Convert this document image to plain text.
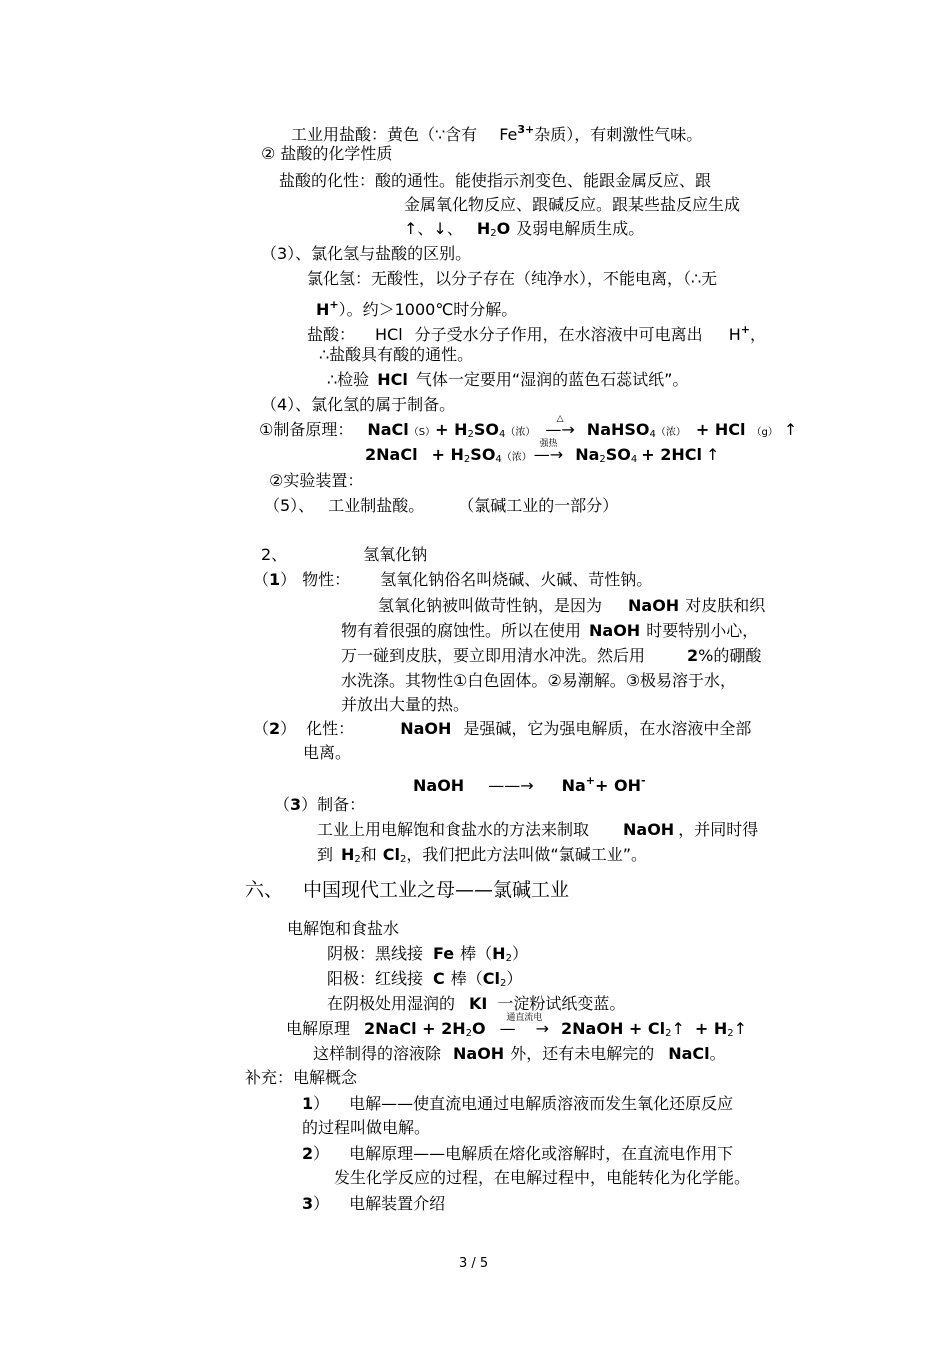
工业用盐酸：黄色（∵含有 $Fe^{3+}$杂质），有刺激性气味。
② 盐酸的化学性质
盐酸的化性：酸的通性。能使指示剂变色、能跟金属反应、跟
金属氧化物反应、跟碱反应。跟某些盐反应生成
↑、↓、 $H_2O$ 及弱电解质生成。
（3）、氯化氢与盐酸的区别。
氯化氢：无酸性，以分子存在（纯净水），不能电离，（∴无
H+）。约＞1000℃时分解。
盐酸： HCl 分子受水分子作用，在水溶液中可电离出 H+，
∴盐酸具有酸的通性。
∴检验 HCl 气体一定要用“湿润的蓝色石蕊试纸”。
（4）、氯化氢的属于制备。
①制备原理： NaCl（S）+ $H_2SO_4$（浓）
△
—→ NaHSO$_4$（浓） + HCl （g） ↑
2NaCl + $H_2SO_4$（浓）
强热
—→ $Na_2SO_4 + 2HCl$ ↑
②实验装置：
（5）、 工业制盐酸。	（氯碱工业的一部分）
2、	氢氧化钠
（1） 物性： 氢氧化钠俗名叫烧碱、火碱、苛性钠。
氢氧化钠被叫做苛性钠，是因为 NaOH 对皮肤和织
物有着很强的腐蚀性。所以在使用 NaOH 时要特别小心，
万一碰到皮肤，要立即用清水冲洗。然后用	2%的硼酸
水洗涤。其物性①白色固体。②易潮解。③极易溶于水，
并放出大量的热。
（2） 化性：	NaOH 是强碱，它为强电解质，在水溶液中全部
电离。
NaOH ——→ Na++ OH-
（3）制备：
工业上用电解饱和食盐水的方法来制取 NaOH ，并同时得
到 $H_2$和 $Cl_2$，我们把此方法叫做“氯碱工业”。
六、 中国现代工业之母——氯碱工业
电解饱和食盐水
阴极：黑线接 Fe 棒$(H_2)$
阳极：红线接 C 棒$(Cl_2)$
在阴极处用湿润的 KI 一淀粉试纸变蓝。
电解原理 2NaCl + $2H_2O$
通直流电
— → 2NaOH + $Cl_2↑$ + $H_2↑$
这样制得的溶液除 NaOH 外，还有未电解完的 NaCl。
补充：电解概念
1） 电解——使直流电通过电解质溶液而发生氧化还原反应
的过程叫做电解。
2） 电解原理——电解质在熔化或溶解时，在直流电作用下
发生化学反应的过程，在电解过程中，电能转化为化学能。
3） 电解装置介绍
3 / 5
